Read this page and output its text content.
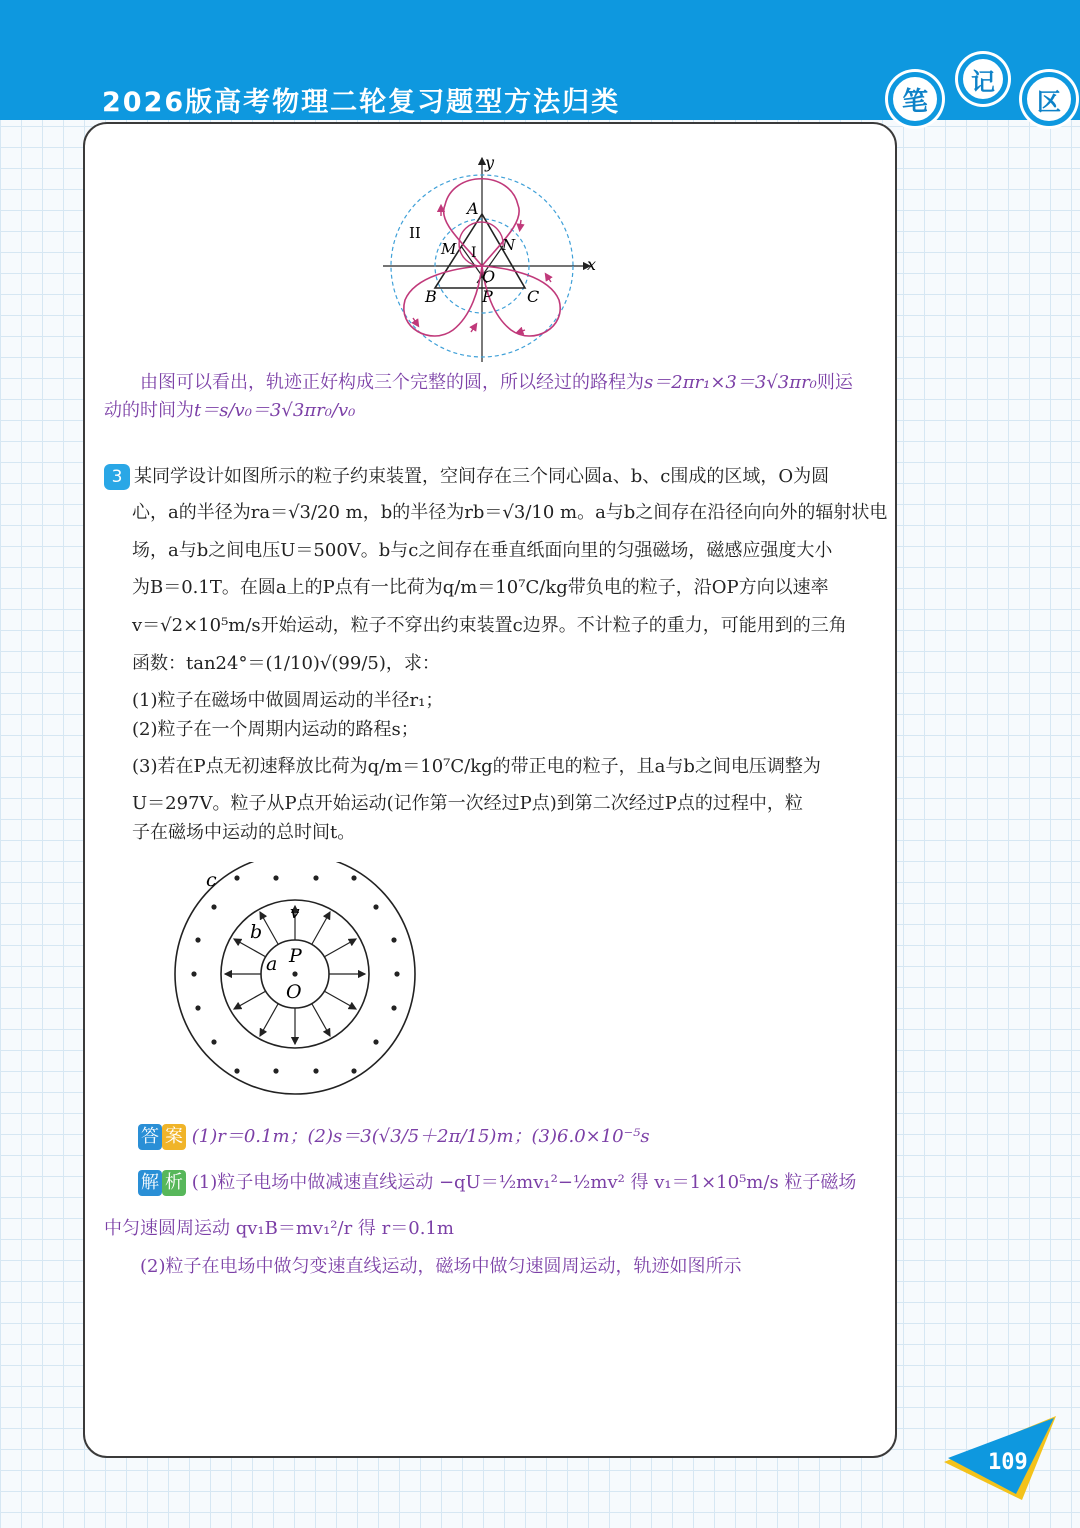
2026版高考物理二轮复习题型方法归类	笔
记
区
y
x
A
M I N
II
O
B	P C
由图可以看出，轨迹正好构成三个完整的圆，所以经过的路程为s＝2πr₁×3＝3√3πr₀则运
动的时间为t＝s/v₀＝3√3πr₀/v₀
3 某同学设计如图所示的粒子约束装置，空间存在三个同心圆a、b、c围成的区域，O为圆
心，a的半径为ra＝√3/20 m，b的半径为rb＝√3/10 m。a与b之间存在沿径向向外的辐射状电
场，a与b之间电压U＝500V。b与c之间存在垂直纸面向里的匀强磁场，磁感应强度大小
为B＝0.1T。在圆a上的P点有一比荷为q/m＝10⁷C/kg带负电的粒子，沿OP方向以速率
v＝√2×10⁵m/s开始运动，粒子不穿出约束装置c边界。不计粒子的重力，可能用到的三角
函数：tan24°＝(1/10)√(99/5)，求：
(1)粒子在磁场中做圆周运动的半径r₁；
(2)粒子在一个周期内运动的路程s；
(3)若在P点无初速释放比荷为q/m＝10⁷C/kg的带正电的粒子，且a与b之间电压调整为
U＝297V。粒子从P点开始运动(记作第一次经过P点)到第二次经过P点的过程中，粒
子在磁场中运动的总时间t。
c
b
v
a P
O
答 案 (1)r＝0.1m；(2)s＝3(√3/5＋2π/15)m；(3)6.0×10⁻⁵s
解 析 (1)粒子电场中做减速直线运动 −qU＝½mv₁²−½mv² 得 v₁＝1×10⁵m/s 粒子磁场
中匀速圆周运动 qv₁B＝mv₁²/r 得 r＝0.1m
(2)粒子在电场中做匀变速直线运动，磁场中做匀速圆周运动，轨迹如图所示
109
